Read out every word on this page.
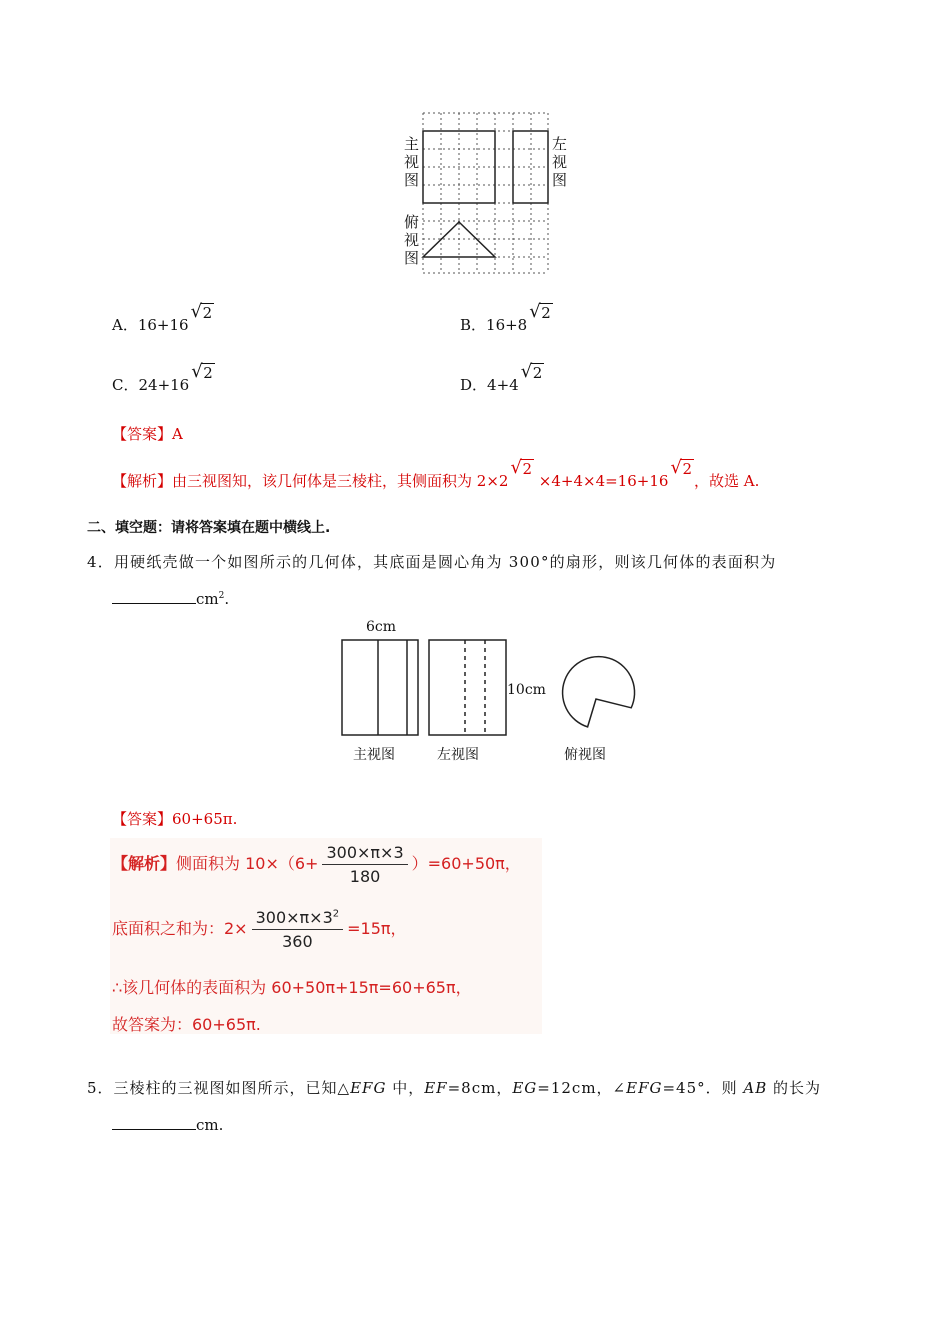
主视图
左视图
俯视图
A．16+16
√ 2
B．16+8
√ 2
C．24+16
√ 2
D．4+4
√ 2
【答案】A
【解析】由三视图知，该几何体是三棱柱，其侧面积为 2×2
√ 2 ×4+4×4=16+16
√ 2，故选 A.
二、填空题：请将答案填在题中横线上.
4．用硬纸壳做一个如图所示的几何体，其底面是圆心角为 300°的扇形，则该几何体的表面积为
$cm^2$.
6cm
10cm
主视图	左视图	俯视图
【答案】60+65π.
【解析】侧面积为 $10\times(6+ \frac{300\times\pi\times 3}{180} )=60+50\pi$，
底面积之和为：$2\times \frac{300\times\pi\times 3^2}{360} =15\pi$，
∴该几何体的表面积为 60+50π+15π=60+65π，
故答案为：60+65π.
5．三棱柱的三视图如图所示，已知△EFG 中，EF=8cm，EG=12cm，∠EFG=45°．则 AB 的长为
cm.
